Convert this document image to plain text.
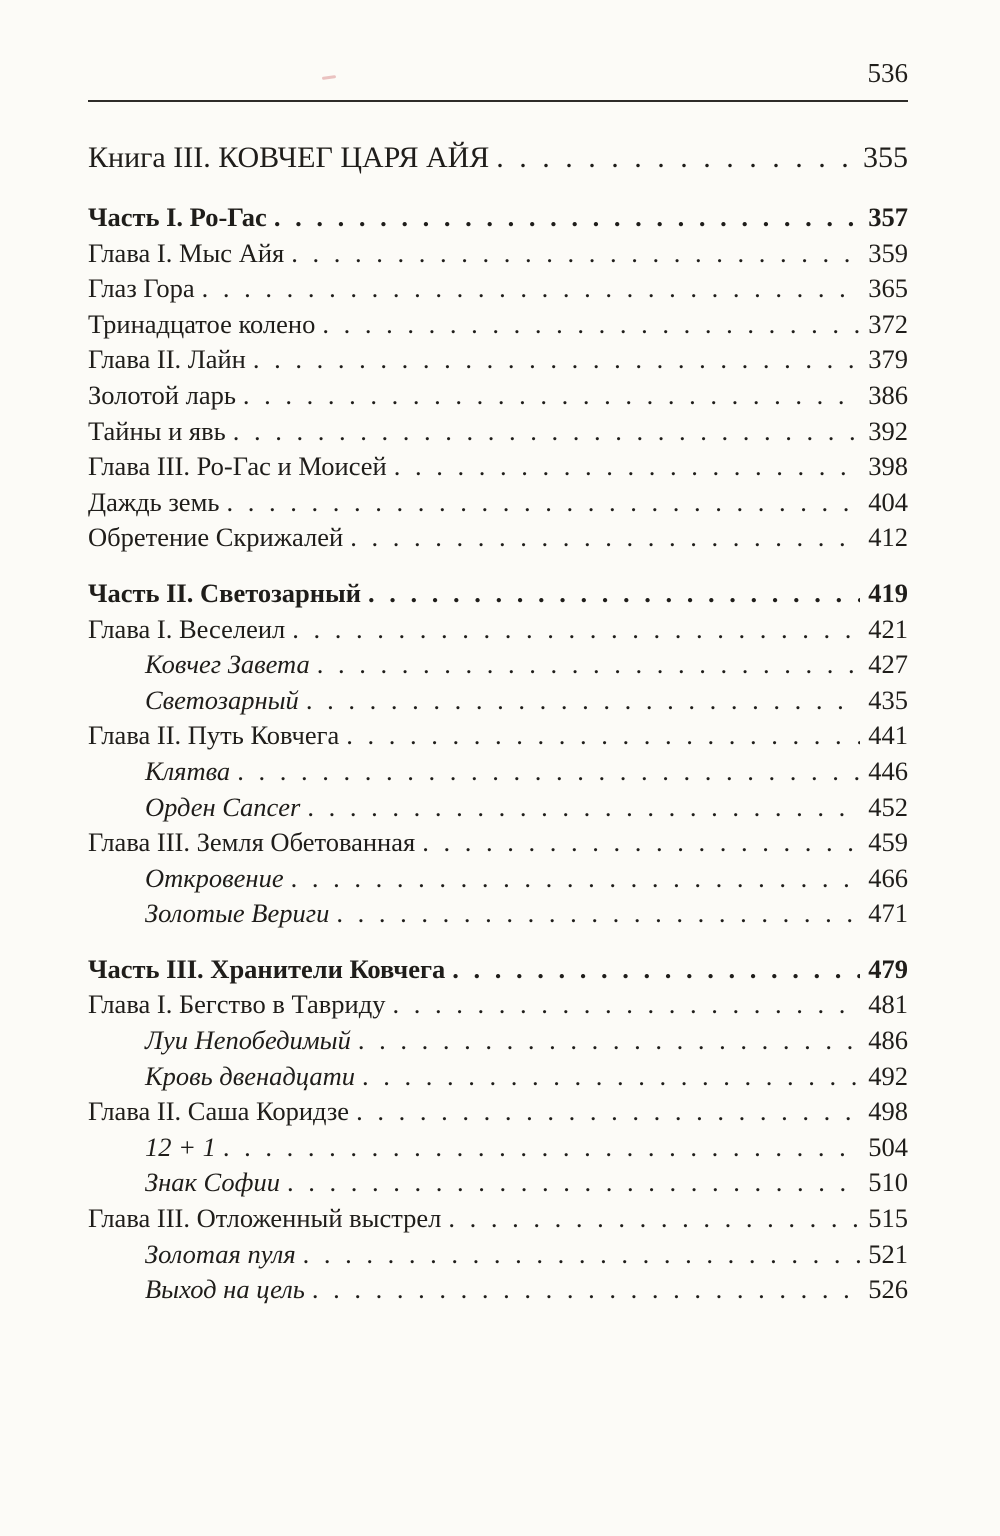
536
Книга III. КОВЧЕГ ЦАРЯ АЙЯ . . .	355
Часть I. Ро-Гас . . .	357
Глава I. Мыс Айя . . .	359
Глаз Гора . . .	365
Тринадцатое колено . . .	372
Глава II. Лайн . . .	379
Золотой ларь . . .	386
Тайны и явь . . .	392
Глава III. Ро-Гас и Моисей . . .	398
Даждь земь . . .	404
Обретение Скрижалей . . .	412
Часть II. Светозарный . . .	419
Глава I. Веселеил . . .	421
Ковчег Завета . . .	427
Светозарный . . .	435
Глава II. Путь Ковчега . . .	441
Клятва . . .	446
Орден Cancer . . .	452
Глава III. Земля Обетованная . . .	459
Откровение . . .	466
Золотые Вериги . . .	471
Часть III. Хранители Ковчега . . .	479
Глава I. Бегство в Тавриду . . .	481
Луи Непобедимый . . .	486
Кровь двенадцати . . .	492
Глава II. Саша Коридзе . . .	498
12 + 1 . . .	504
Знак Софии . . .	510
Глава III. Отложенный выстрел . . .	515
Золотая пуля . . .	521
Выход на цель . . .	526
